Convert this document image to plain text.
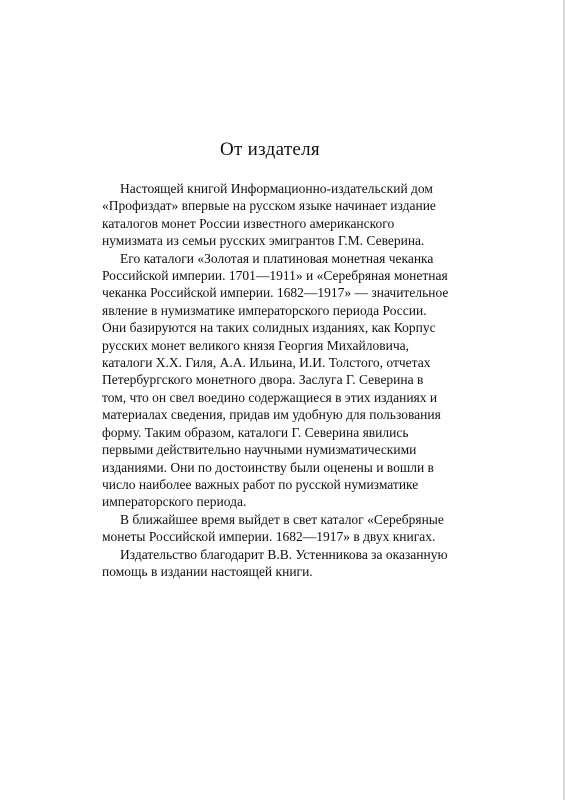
От издателя
Настоящей книгой Информационно-издательский дом
«Профиздат» впервые на русском языке начинает издание
каталогов монет России известного американского
нумизмата из семьи русских эмигрантов Г.М. Северина.
Его каталоги «Золотая и платиновая монетная чеканка
Российской империи. 1701—1911» и «Серебряная монетная
чеканка Российской империи. 1682—1917» — значительное
явление в нумизматике императорского периода России.
Они базируются на таких солидных изданиях, как Корпус
русских монет великого князя Георгия Михайловича,
каталоги Х.Х. Гиля, А.А. Ильина, И.И. Толстого, отчетах
Петербургского монетного двора. Заслуга Г. Северина в
том, что он свел воедино содержащиеся в этих изданиях и
материалах сведения, придав им удобную для пользования
форму. Таким образом, каталоги Г. Северина явились
первыми действительно научными нумизматическими
изданиями. Они по достоинству были оценены и вошли в
число наиболее важных работ по русской нумизматике
императорского периода.
В ближайшее время выйдет в свет каталог «Серебряные
монеты Российской империи. 1682—1917» в двух книгах.
Издательство благодарит В.В. Устенникова за оказанную
помощь в издании настоящей книги.
